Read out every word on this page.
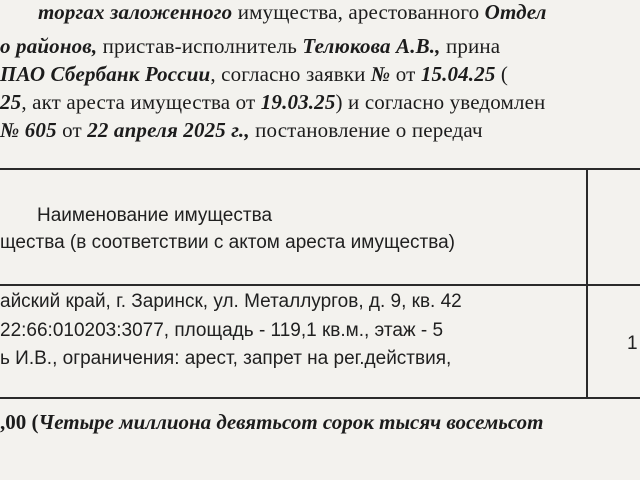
торгах заложенного имущества, арестованного Отдел
о районов, пристав-исполнитель Телюкова А.В., прина
ПАО Сбербанк России, согласно заявки № от 15.04.25 (
25, акт ареста имущества от 19.03.25) и согласно уведомлен
№ 605 от 22 апреля 2025 г., постановление о передач
Наименование имущества
щества (в соответствии с актом ареста имущества)
айский край, г. Заринск, ул. Металлургов, д. 9, кв. 42
22:66:010203:3077, площадь - 119,1 кв.м., этаж - 5
ь И.В., ограничения: арест, запрет на рег.действия,
1
,00 (Четыре миллиона девятьсот сорок тысяч восемьсот
